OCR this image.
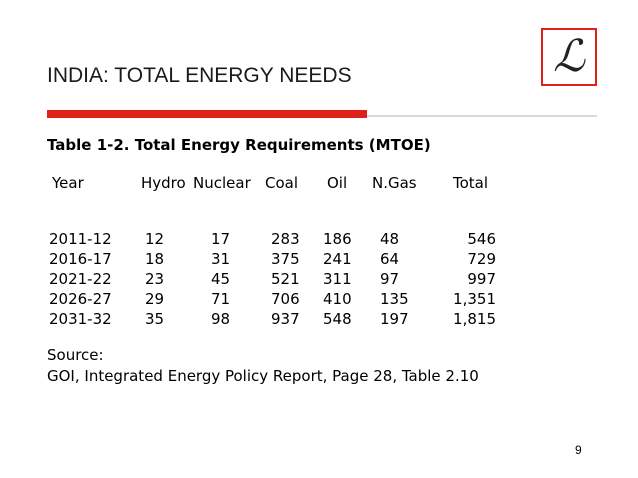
ℒ
INDIA: TOTAL ENERGY NEEDS
Table 1-2. Total Energy Requirements (MTOE)
Year	Hydro Nuclear Coal Oil N.Gas Total
2011-12 12	17	283 186 48	546
2016-17 18	31	375 241 64	729
2021-22 23	45	521 311 97	997
2026-27 29	71	706 410 135	1,351
2031-32 35	98	937 548 197	1,815
Source:
GOI, Integrated Energy Policy Report, Page 28, Table 2.10
9
